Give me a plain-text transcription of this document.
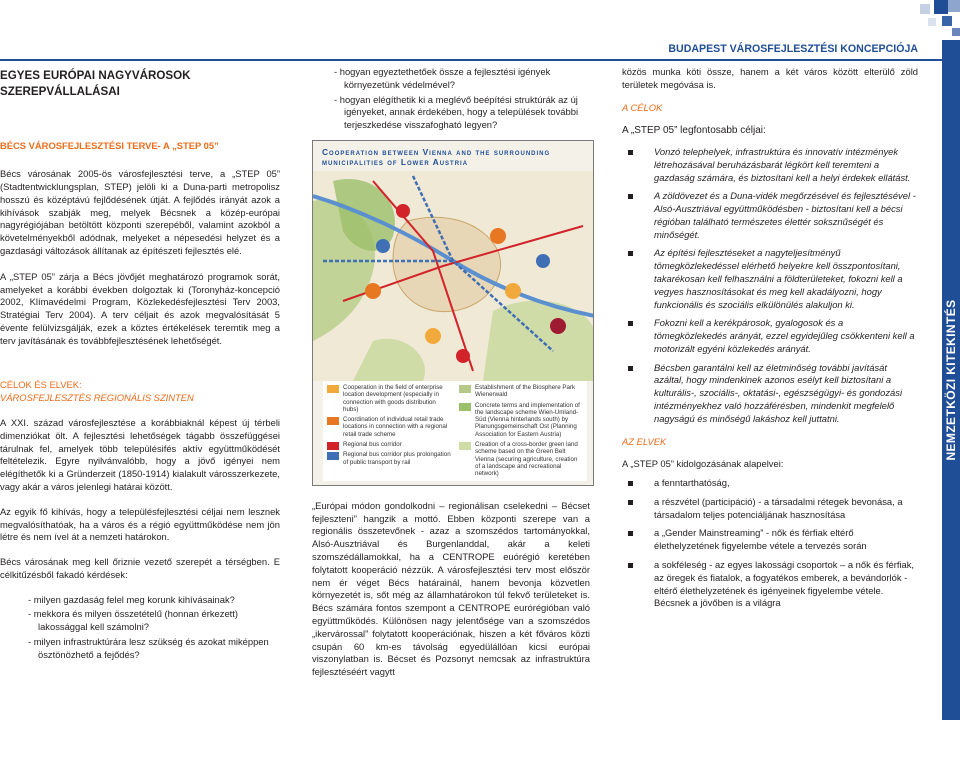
NEMZETKÖZI KITEKINTÉS
BUDAPEST VÁROSFEJLESZTÉSI KONCEPCIÓJA
EGYES EURÓPAI NAGYVÁROSOK SZEREPVÁLLALÁSAI
BÉCS VÁROSFEJLESZTÉSI TERVE- A „STEP 05”

Bécs városának 2005-ös városfejlesztési terve, a „STEP 05” (Stadtentwicklungsplan, STEP) jelöli ki a Duna-parti metropolisz hosszú és középtávú fejlődésének útját. A fejlődés irányát azok a kihívások szabják meg, melyek Bécsnek a közép-európai nagyrégiójában betöltött központi szerepéből, valamint azokból a követelményekből adódnak, melyeket a népesedési helyzet és a gazdasági változások állítanak az építészeti fejlesztés elé.

A „STEP 05” zárja a Bécs jövőjét meghatározó programok sorát, amelyeket a korábbi években dolgoztak ki (Toronyház-koncepció 2002, Klímavédelmi Program, Közlekedésfejlesztési Terv 2003, Stratégiai Terv 2004). A terv céljait és azok megvalósítását 5 évente felülvizsgálják, ezek a köztes értékelések teremtik meg a terv javításának és továbbfejlesztésének lehetőségét.

CÉLOK ÉS ELVEK:
VÁROSFEJLESZTÉS REGIONÁLIS SZINTEN

A XXI. század városfejlesztése a korábbiaknál képest új térbeli dimenziókat ölt. A fejlesztési lehetőségek tágabb összefüggései tárulnak fel, amelyek több településifés aktív együttműködését feltételezik. Egyre nyilvánvalóbb, hogy a jövő igényei nem elégíthetők ki a Gründerzeit (1850-1914) kialakult városszerkezete, vagy akár a város jelenlegi határai között.

Az egyik fő kihívás, hogy a településfejlesztési céljai nem lesznek megvalósíthatóak, ha a város és a régió együttműködése nem jön létre és nem ível át a nemzeti határokon.

Bécs városának meg kell őriznie vezető szerepét a térségben. E célkitűzésből fakadó kérdések:

- milyen gazdaság felel meg korunk kihívásainak?
- mekkora és milyen összetételű (honnan érkezett) lakossággal kell számolni?
- milyen infrastruktúrára lesz szükség és azokat miképpen ösztönözhető a fejődés?
- hogyan egyeztethetőek össze a fejlesztési igények környezetünk védelmével?
- hogyan elégíthetik ki a meglévő beépítési struktúrák az új igényeket, annak érdekében, hogy a települések további terjeszkedése visszafogható legyen?
Cooperation between Vienna and the surrounding municipalities of Lower Austria
Cooperation in the field of enterprise location development (especially in connection with goods distribution hubs)
Coordination of individual retail trade locations in connection with a regional retail trade scheme
Regional bus corridor
Regional bus corridor plus prolongation of public transport by rail
Establishment of the Biosphere Park Wienerwald
Concrete terms and implementation of the landscape scheme Wien-Umland-Süd (Vienna hinterlands south) by Planungsgemeinschaft Ost (Planning Association for Eastern Austria)
Creation of a cross-border green land scheme based on the Green Belt Vienna (securing agriculture, creation of a landscape and recreational network)

„Európai módon gondolkodni – regionálisan cselekedni – Bécset fejleszteni” hangzik a mottó. Ebben központi szerepe van a regionális összetevőnek - azaz a szomszédos tartományokkal, Alsó-Ausztriával és Burgenlanddal, akár a keleti szomszédállamokkal, ha a CENTROPE euórégió keretében folytatott kooperáció nézzük. A városfejlesztési terv most először nem ér véget Bécs határainál, hanem bevonja közvetlen környezetét is, sőt még az államhatárokon túl fekvő területeket is. Bécs számára fontos szempont a CENTROPE eurórégióban való együttműködés. Különösen nagy jelentősége van a szomszédos „ikervárossal” folytatott kooperációnak, hiszen a két főváros közti csupán 60 km-es távolság egyedülállóan kicsi európai viszonylatban is. Bécset és Pozsonyt nemcsak az infrastruktúra fejlesztéséért vagytt

közös munka köti össze, hanem a két város között elterülő zöld területek megóvása is.

A CÉLOK
A „STEP 05” legfontosabb céljai:
Vonzó telephelyek, infrastruktúra és innovatív intézmények létrehozásával beruházásbarát légkört kell teremteni a gazdaság számára, és biztosítani kell a helyi érdekek ellátást.
A zöldövezet és a Duna-vidék megőrzésével és fejlesztésével - Alsó-Ausztriával együttműködésben - biztosítani kell a bécsi régióban található természetes élettér soksznűségét és minőségét.
Az építési fejlesztéseket a nagyteljesítményű tömegközlekedéssel elérhető helyekre kell összpontosítani, takarékosan kell felhasználni a földterületeket, fokozni kell a vegyes hasznosításokat és meg kell akadályozni, hogy funkcionális és szociális elkülönülés alakuljon ki.
Fokozni kell a kerékpárosok, gyalogosok és a tömegközlekedés arányát, ezzel egyidejűleg csökkenteni kell a motorizált egyéni közlekedés arányát.
Bécsben garantálni kell az életminőség további javítását azáltal, hogy mindenkinek azonos esélyt kell biztosítani a kulturális-, szociális-, oktatási-, egészségügyi- és gondozási intézményekhez való hozzáférésben, mindenkit megfelelő nagyságú és minőségű lakáshoz kell juttatni.
AZ ELVEK

A „STEP 05” kidolgozásának alapelvei:

a fenntarthatóság,
a részvétel (participáció) - a társadalmi rétegek bevonása, a társadalom teljes potenciáljának hasznosítása
a „Gender Mainstreaming” - nők és férfiak eltérő élethelyzetének figyelembe vétele a tervezés során
a sokféleség - az egyes lakossági csoportok – a nők és férfiak, az öregek és fiatalok, a fogyatékos emberek, a bevándorlók - eltérő élethelyzetének és igényeinek figyelembe vétele. Bécsnek a jövőben is a világra
